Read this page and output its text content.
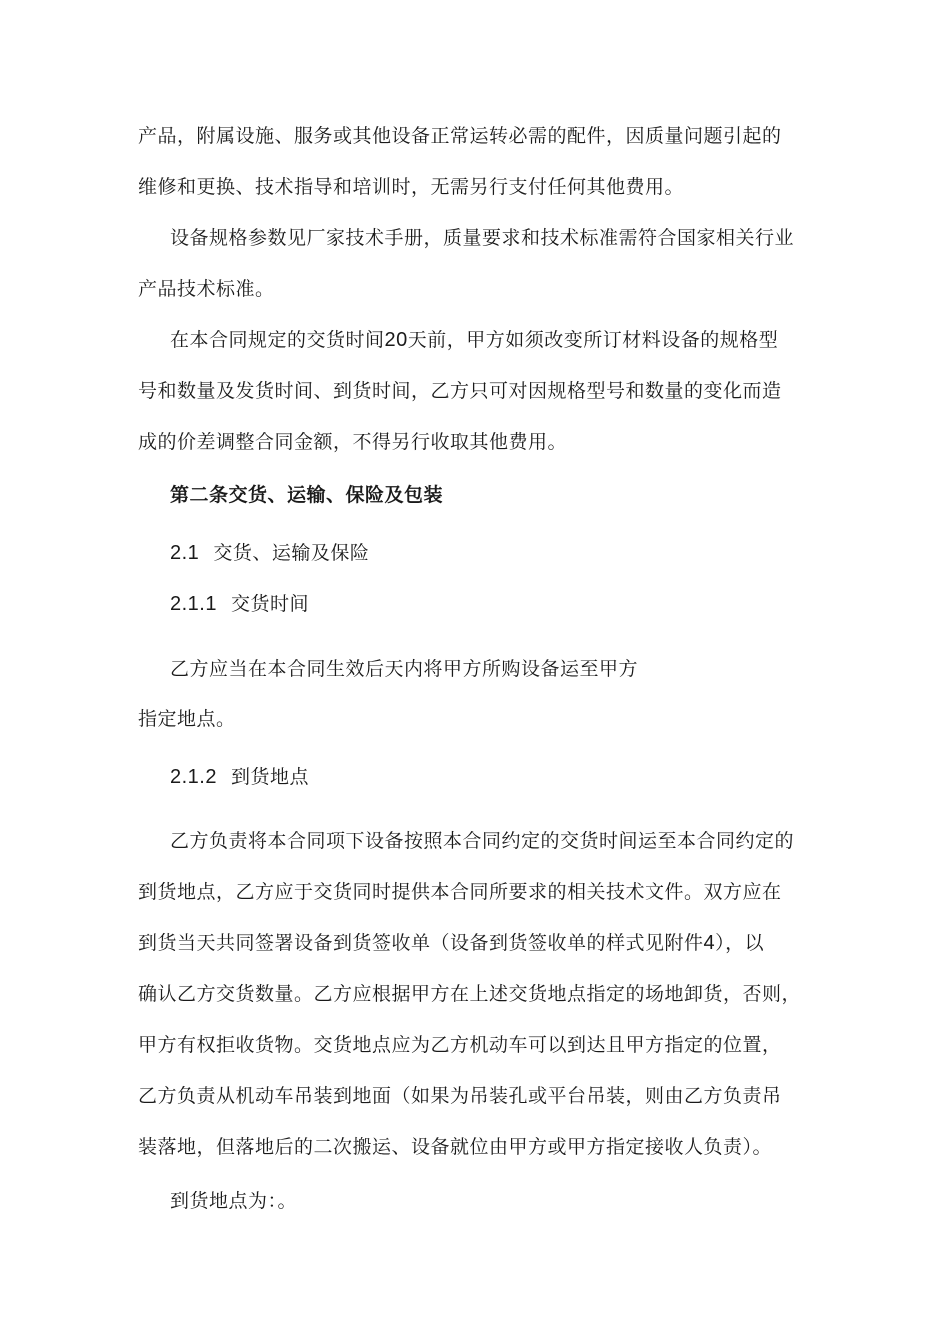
产品，附属设施、服务或其他设备正常运转必需的配件，因质量问题引起的
维修和更换、技术指导和培训时，无需另行支付任何其他费用。
设备规格参数见厂家技术手册，质量要求和技术标准需符合国家相关行业
产品技术标准。
在本合同规定的交货时间20天前，甲方如须改变所订材料设备的规格型
号和数量及发货时间、到货时间，乙方只可对因规格型号和数量的变化而造
成的价差调整合同金额，不得另行收取其他费用。
第二条交货、运输、保险及包装
2.1 交货、运输及保险
2.1.1 交货时间
乙方应当在本合同生效后天内将甲方所购设备运至甲方
指定地点。
2.1.2 到货地点
乙方负责将本合同项下设备按照本合同约定的交货时间运至本合同约定的
到货地点，乙方应于交货同时提供本合同所要求的相关技术文件。双方应在
到货当天共同签署设备到货签收单（设备到货签收单的样式见附件4），以
确认乙方交货数量。乙方应根据甲方在上述交货地点指定的场地卸货，否则，
甲方有权拒收货物。交货地点应为乙方机动车可以到达且甲方指定的位置，
乙方负责从机动车吊装到地面（如果为吊装孔或平台吊装，则由乙方负责吊
装落地，但落地后的二次搬运、设备就位由甲方或甲方指定接收人负责）。
到货地点为：。
